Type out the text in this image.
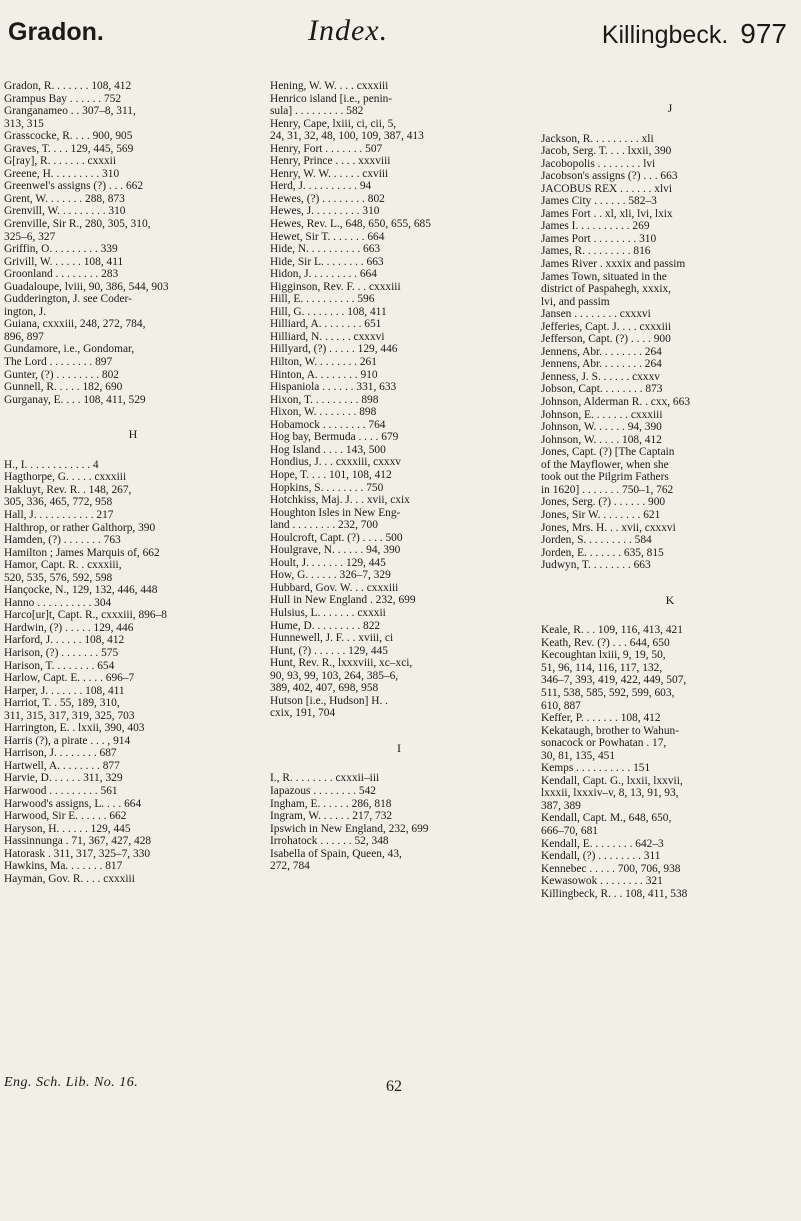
Gradon.	Index.	Killingbeck. 977
Gradon, R. . . . . . . 108, 412
Grampus Bay . . . . . . 752
Granganameo . . 307–8, 311,
313, 315
Grasscocke, R. . . . 900, 905
Graves, T. . . . 129, 445, 569
G[ray], R. . . . . . . cxxxii
Greene, H. . . . . . . . . 310
Greenwel's assigns (?) . . . 662
Grent, W. . . . . . . 288, 873
Grenvill, W. . . . . . . . . 310
Grenville, Sir R., 280, 305, 310,
325–6, 327
Griffin, O. . . . . . . . . 339
Grivill, W. . . . . . 108, 411
Groonland . . . . . . . . 283
Guadaloupe, lviii, 90, 386, 544, 903
Gudderington, J. see Coder-
ington, J.
Guiana, cxxxiii, 248, 272, 784,
896, 897
Gundamore, i.e., Gondomar,
The Lord . . . . . . . . 897
Gunter, (?) . . . . . . . . 802
Gunnell, R. . . . . 182, 690
Gurganay, E. . . . 108, 411, 529
H
H., I. . . . . . . . . . . . 4
Hagthorpe, G. . . . . cxxxiii
Hakluyt, Rev. R. . 148, 267,
305, 336, 465, 772, 958
Hall, J. . . . . . . . . . . 217
Halthrop, or rather Galthorp, 390
Hamden, (?) . . . . . . . 763
Hamilton ; James Marquis of, 662
Hamor, Capt. R. . cxxxiii,
520, 535, 576, 592, 598
Hançocke, N., 129, 132, 446, 448
Hanno . . . . . . . . . . 304
Harco[ur]t, Capt. R., cxxxiii, 896–8
Hardwin, (?) . . . . . 129, 446
Harford, J. . . . . . 108, 412
Harison, (?) . . . . . . . 575
Harison, T. . . . . . . . 654
Harlow, Capt. E. . . . . 696–7
Harper, J. . . . . . . 108, 411
Harriot, T. . 55, 189, 310,
311, 315, 317, 319, 325, 703
Harrington, E. . lxxii, 390, 403
Harris (?), a pirate . . . , 914
Harrison, J. . . . . . . . 687
Hartwell, A. . . . . . . . 877
Harvie, D. . . . . . 311, 329
Harwood . . . . . . . . . 561
Harwood's assigns, L. . . . 664
Harwood, Sir E. . . . . . 662
Haryson, H. . . . . . 129, 445
Hassinnunga . 71, 367, 427, 428
Hatorask . 311, 317, 325–7, 330
Hawkins, Ma. . . . . . . 817
Hayman, Gov. R. . . . cxxxiii
Hening, W. W. . . . cxxxiii
Henrico island [i.e., penin-
sula] . . . . . . . . . 582
Henry, Cape, lxiii, ci, cii, 5,
24, 31, 32, 48, 100, 109, 387, 413
Henry, Fort . . . . . . . 507
Henry, Prince . . . . xxxviii
Henry, W. W. . . . . . cxviii
Herd, J. . . . . . . . . . 94
Hewes, (?) . . . . . . . . 802
Hewes, J. . . . . . . . . 310
Hewes, Rev. L., 648, 650, 655, 685
Hewet, Sir T. . . . . . . 664
Hide, N. . . . . . . . . . 663
Hide, Sir L. . . . . . . . 663
Hidon, J. . . . . . . . . 664
Higginson, Rev. F. . . cxxxiii
Hill, E. . . . . . . . . . 596
Hill, G. . . . . . . . 108, 411
Hilliard, A. . . . . . . . 651
Hilliard, N. . . . . . cxxxvi
Hillyard, (?) . . . . . 129, 446
Hilton, W. . . . . . . . 261
Hinton, A. . . . . . . . 910
Hispaniola . . . . . . 331, 633
Hixon, T. . . . . . . . . 898
Hixon, W. . . . . . . . 898
Hobamock . . . . . . . . 764
Hog bay, Bermuda . . . . 679
Hog Island . . . . 143, 500
Hondius, J. . . cxxxiii, cxxxv
Hope, T. . . . 101, 108, 412
Hopkins, S. . . . . . . . 750
Hotchkiss, Maj. J. . . xvii, cxix
Houghton Isles in New Eng-
land . . . . . . . . 232, 700
Houlcroft, Capt. (?) . . . . 500
Houlgrave, N. . . . . . 94, 390
Hoult, J. . . . . . . 129, 445
How, G. . . . . . 326–7, 329
Hubbard, Gov. W. . . cxxxiii
Hull in New England . 232, 699
Hulsius, L. . . . . . . cxxxii
Hume, D. . . . . . . . . 822
Hunnewell, J. F. . . xviii, ci
Hunt, (?) . . . . . . 129, 445
Hunt, Rev. R., lxxxviii, xc–xci,
90, 93, 99, 103, 264, 385–6,
389, 402, 407, 698, 958
Hutson [i.e., Hudson] H. .
cxix, 191, 704
I
I., R. . . . . . . . cxxxii–iii
Iapazous . . . . . . . . 542
Ingham, E. . . . . . 286, 818
Ingram, W. . . . . . 217, 732
Ipswich in New England, 232, 699
Irrohatock . . . . . . 52, 348
Isabella of Spain, Queen, 43,
272, 784
J
Jackson, R. . . . . . . . . xli
Jacob, Serg. T. . . . lxxii, 390
Jacobopolis . . . . . . . . lvi
Jacobson's assigns (?) . . . 663
JACOBUS REX . . . . . . xlvi
James City . . . . . . 582–3
James Fort . . xl, xli, lvi, lxix
James I. . . . . . . . . . 269
James Port . . . . . . . . 310
James, R. . . . . . . . . 816
James River . xxxix and passim
James Town, situated in the
district of Paspahegh, xxxix,
lvi, and passim
Jansen . . . . . . . . cxxxvi
Jefferies, Capt. J. . . . cxxxiii
Jefferson, Capt. (?) . . . . 900
Jennens, Abr. . . . . . . . 264
Jennens, Abr. . . . . . . . 264
Jenness, J. S. . . . . . cxxxv
Jobson, Capt. . . . . . . . 873
Johnson, Alderman R. . cxx, 663
Johnson, E. . . . . . . cxxxiii
Johnson, W. . . . . . 94, 390
Johnson, W. . . . . 108, 412
Jones, Capt. (?) [The Captain
of the Mayflower, when she
took out the Pilgrim Fathers
in 1620] . . . . . . . 750–1, 762
Jones, Serg. (?) . . . . . . 900
Jones, Sir W. . . . . . . . 621
Jones, Mrs. H. . . xvii, cxxxvi
Jorden, S. . . . . . . . . 584
Jorden, E. . . . . . . 635, 815
Judwyn, T. . . . . . . . 663
K
Keale, R. . . 109, 116, 413, 421
Keath, Rev. (?) . . . 644, 650
Kecoughtan lxiii, 9, 19, 50,
51, 96, 114, 116, 117, 132,
346–7, 393, 419, 422, 449, 507,
511, 538, 585, 592, 599, 603,
610, 887
Keffer, P. . . . . . . 108, 412
Kekataugh, brother to Wahun-
sonacock or Powhatan . 17,
30, 81, 135, 451
Kemps . . . . . . . . . . 151
Kendall, Capt. G., lxxii, lxxvii,
lxxxii, lxxxiv–v, 8, 13, 91, 93,
387, 389
Kendall, Capt. M., 648, 650,
666–70, 681
Kendall, E. . . . . . . . 642–3
Kendall, (?) . . . . . . . . 311
Kennebec . . . . . 700, 706, 938
Kewasowok . . . . . . . . 321
Killingbeck, R. . . 108, 411, 538
Eng. Sch. Lib. No. 16.	62
